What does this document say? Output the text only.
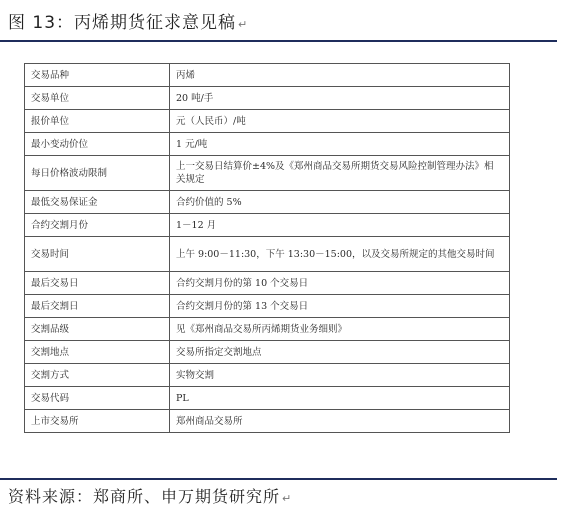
图 13：丙烯期货征求意见稿 ↵
交易品种	丙烯
交易单位	20 吨/手
报价单位	元（人民币）/吨
最小变动价位	1 元/吨
每日价格波动限制	上一交易日结算价±4%及《郑州商品交易所期货交易风险控制管理办法》相关规定
最低交易保证金	合约价值的 5%
合约交割月份	1－12 月
交易时间	上午 9:00－11:30，下午 13:30－15:00，以及交易所规定的其他交易时间
最后交易日	合约交割月份的第 10 个交易日
最后交割日	合约交割月份的第 13 个交易日
交割品级	见《郑州商品交易所丙烯期货业务细则》
交割地点	交易所指定交割地点
交割方式	实物交割
交易代码	PL
上市交易所	郑州商品交易所
资料来源：郑商所、申万期货研究所 ↵
